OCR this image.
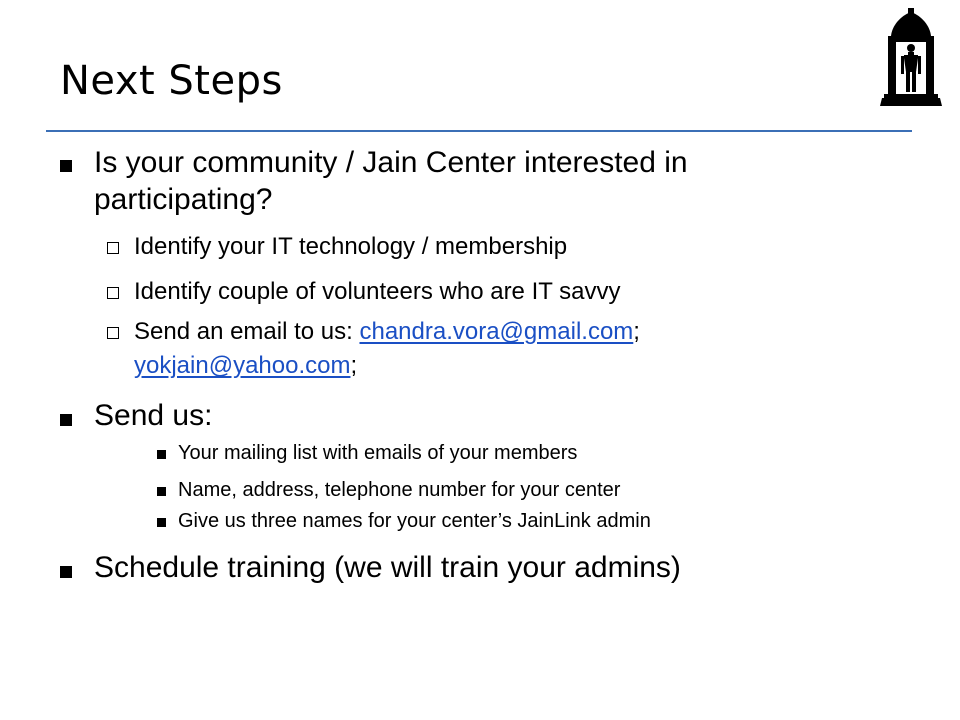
Next Steps
Is your community / Jain Center interested in
participating?
Identify your IT technology / membership
Identify couple of volunteers who are IT savvy
Send an email to us: chandra.vora@gmail.com;
yokjain@yahoo.com;
Send us:
Your mailing list with emails of your members
Name, address, telephone number for your center
Give us three names for your center’s JainLink admin
Schedule training (we will train your admins)
